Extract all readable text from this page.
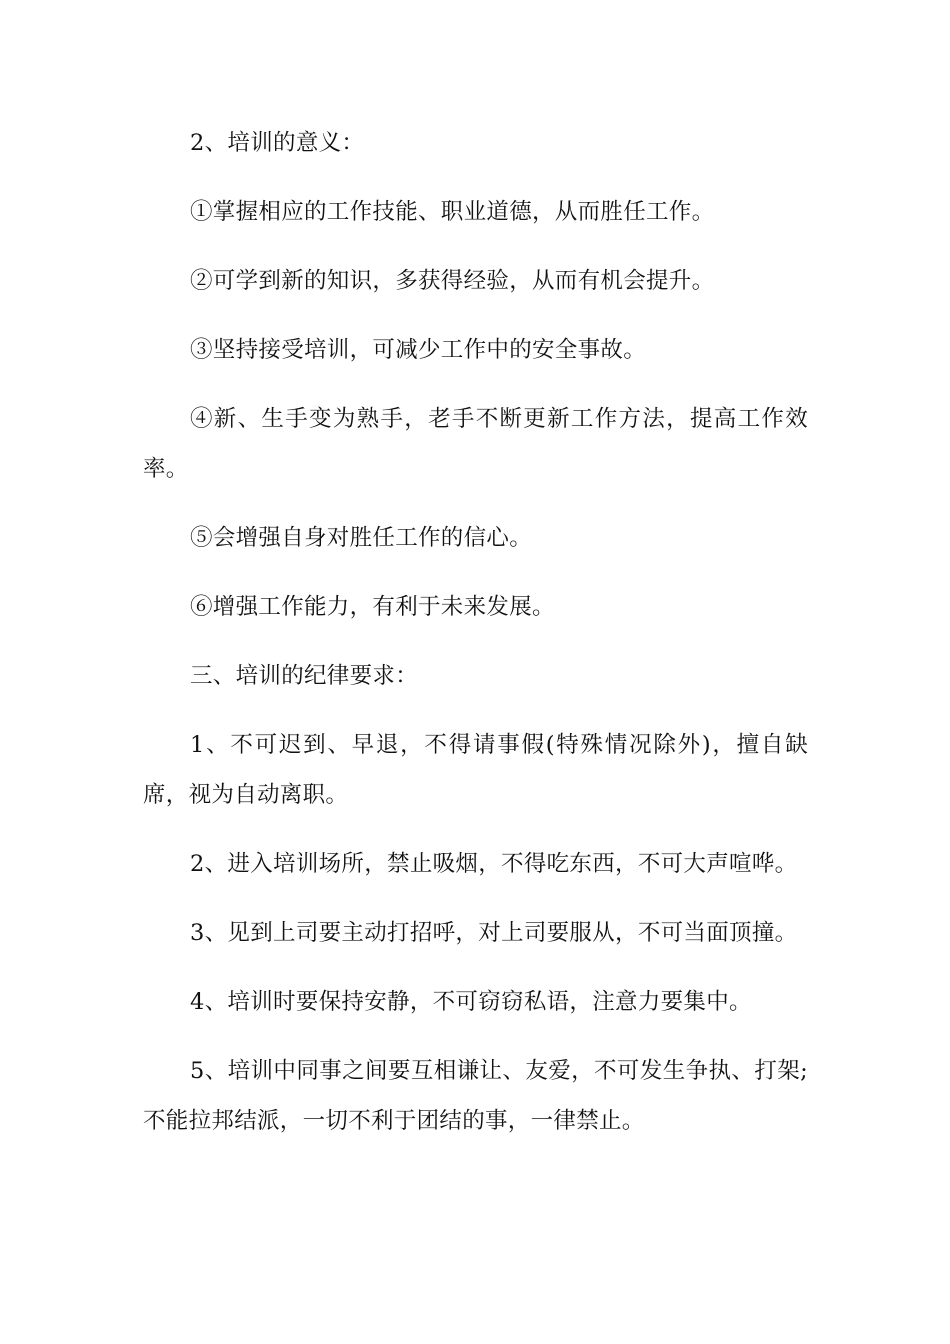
2、培训的意义：

①掌握相应的工作技能、职业道德，从而胜任工作。

②可学到新的知识，多获得经验，从而有机会提升。

③坚持接受培训，可减少工作中的安全事故。

④新、生手变为熟手，老手不断更新工作方法，提高工作效率。

⑤会增强自身对胜任工作的信心。

⑥增强工作能力，有利于未来发展。

三、培训的纪律要求：

1、不可迟到、早退，不得请事假(特殊情况除外)，擅自缺席，视为自动离职。

2、进入培训场所，禁止吸烟，不得吃东西，不可大声喧哗。

3、见到上司要主动打招呼，对上司要服从，不可当面顶撞。

4、培训时要保持安静，不可窃窃私语，注意力要集中。

5、培训中同事之间要互相谦让、友爱，不可发生争执、打架;不能拉邦结派，一切不利于团结的事，一律禁止。
